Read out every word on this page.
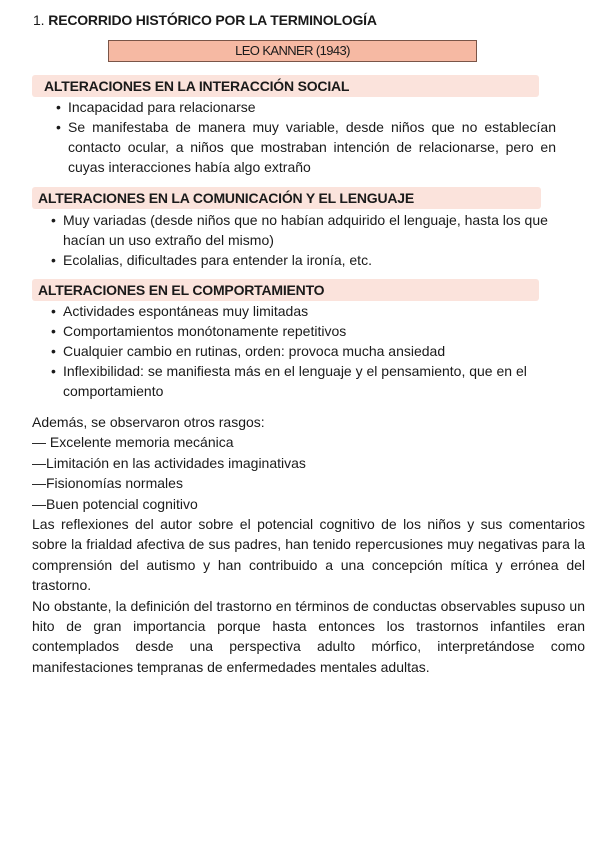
1. RECORRIDO HISTÓRICO POR LA TERMINOLOGÍA
LEO KANNER (1943)
ALTERACIONES EN LA INTERACCIÓN SOCIAL
• Incapacidad para relacionarse
• Se manifestaba de manera muy variable, desde niños que no establecían contacto ocular, a niños que mostraban intención de relacionarse, pero en cuyas interacciones había algo extraño
ALTERACIONES EN LA COMUNICACIÓN Y EL LENGUAJE
• Muy variadas (desde niños que no habían adquirido el lenguaje, hasta los que hacían un uso extraño del mismo)
• Ecolalias, dificultades para entender la ironía, etc.
ALTERACIONES EN EL COMPORTAMIENTO
• Actividades espontáneas muy limitadas
• Comportamientos monótonamente repetitivos
• Cualquier cambio en rutinas, orden: provoca mucha ansiedad
• Inflexibilidad: se manifiesta más en el lenguaje y el pensamiento, que en el comportamiento

Además, se observaron otros rasgos:

— Excelente memoria mecánica

—Limitación en las actividades imaginativas

—Fisionomías normales

—Buen potencial cognitivo

Las reflexiones del autor sobre el potencial cognitivo de los niños y sus comentarios sobre la frialdad afectiva de sus padres, han tenido repercusiones muy negativas para la comprensión del autismo y han contribuido a una concepción mítica y errónea del trastorno.

No obstante, la definición del trastorno en términos de conductas observables supuso un hito de gran importancia porque hasta entonces los trastornos infantiles eran contemplados desde una perspectiva adulto mórfico, interpretándose como manifestaciones tempranas de enfermedades mentales adultas.
